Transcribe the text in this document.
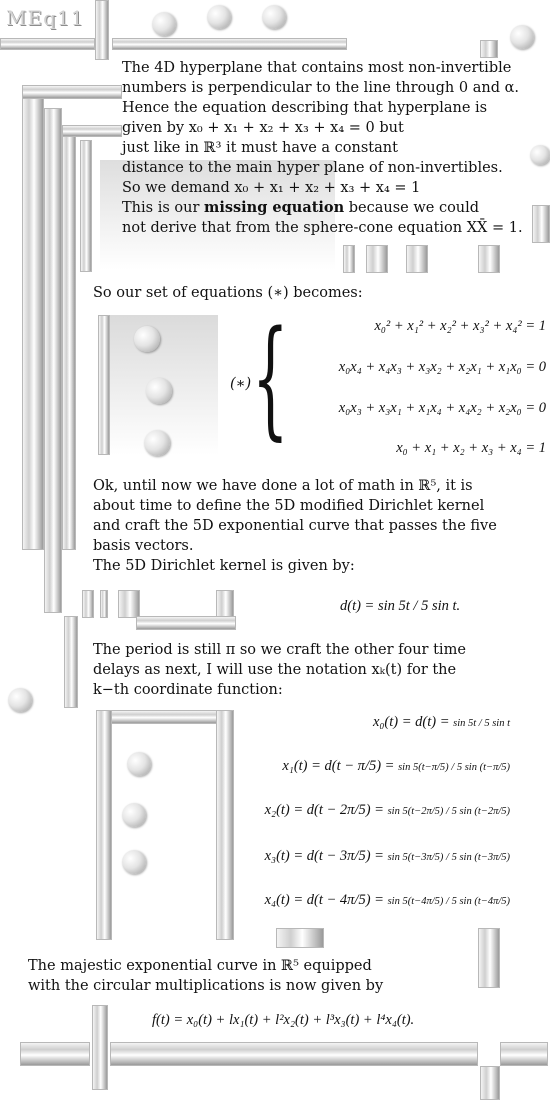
MEq11

The 4D hyperplane that contains most non-invertible

numbers is perpendicular to the line through 0 and α.

Hence the equation describing that hyperplane is

given by x₀ + x₁ + x₂ + x₃ + x₄ = 0 but

just like in ℝ³ it must have a constant

distance to the main hyper plane of non-invertibles.

So we demand x₀ + x₁ + x₂ + x₃ + x₄ = 1

This is our missing equation because we could

not derive that from the sphere-cone equation XX̄ = 1.

So our set of equations (∗) becomes:

(∗) {	x₀² + x₁² + x₂² + x₃² + x₄² = 1
x₀x₄ + x₄x₃ + x₃x₂ + x₂x₁ + x₁x₀ = 0
x₀x₃ + x₃x₁ + x₁x₄ + x₄x₂ + x₂x₀ = 0
x₀ + x₁ + x₂ + x₃ + x₄ = 1

Ok, until now we have done a lot of math in ℝ⁵, it is

about time to define the 5D modified Dirichlet kernel

and craft the 5D exponential curve that passes the five

basis vectors.

The 5D Dirichlet kernel is given by:

d(t) = sin 5t / 5 sin t.

The period is still π so we craft the other four time

delays as next, I will use the notation xₖ(t) for the

k−th coordinate function:

x₀(t) = d(t) = sin 5t / 5 sin t
x₁(t) = d(t − π/5) = sin 5(t−π/5) / 5 sin (t−π/5)
x₂(t) = d(t − 2π/5) = sin 5(t−2π/5) / 5 sin (t−2π/5)
x₃(t) = d(t − 3π/5) = sin 5(t−3π/5) / 5 sin (t−3π/5)
x₄(t) = d(t − 4π/5) = sin 5(t−4π/5) / 5 sin (t−4π/5)

The majestic exponential curve in ℝ⁵ equipped

with the circular multiplications is now given by

f(t) = x₀(t) + lx₁(t) + l²x₂(t) + l³x₃(t) + l⁴x₄(t).
